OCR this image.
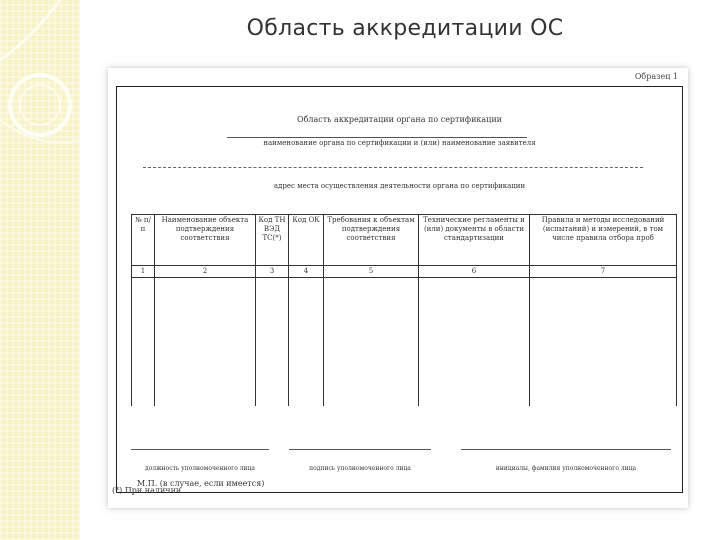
Область аккредитации ОС
Образец 1
Область аккредитации органа по сертификации
наименование органа по сертификации и (или) наименование заявителя
адрес места осуществления деятельности органа по сертификации
№ п/п	Наименование объекта подтверждения соответствия	Код ТН ВЭД ТС(*)	Код ОК	Требования к объектам подтверждения соответствия	Технические регламенты и (или) документы в области стандартизации	Правила и методы исследований (испытаний) и измерений, в том числе правила отбора проб
1	2	3	4	5	6	7

должность уполномоченного лица	подпись уполномоченного лица	инициалы, фамилия уполномоченного лица
М.П. (в случае, если имеется)
(*) При наличии.
